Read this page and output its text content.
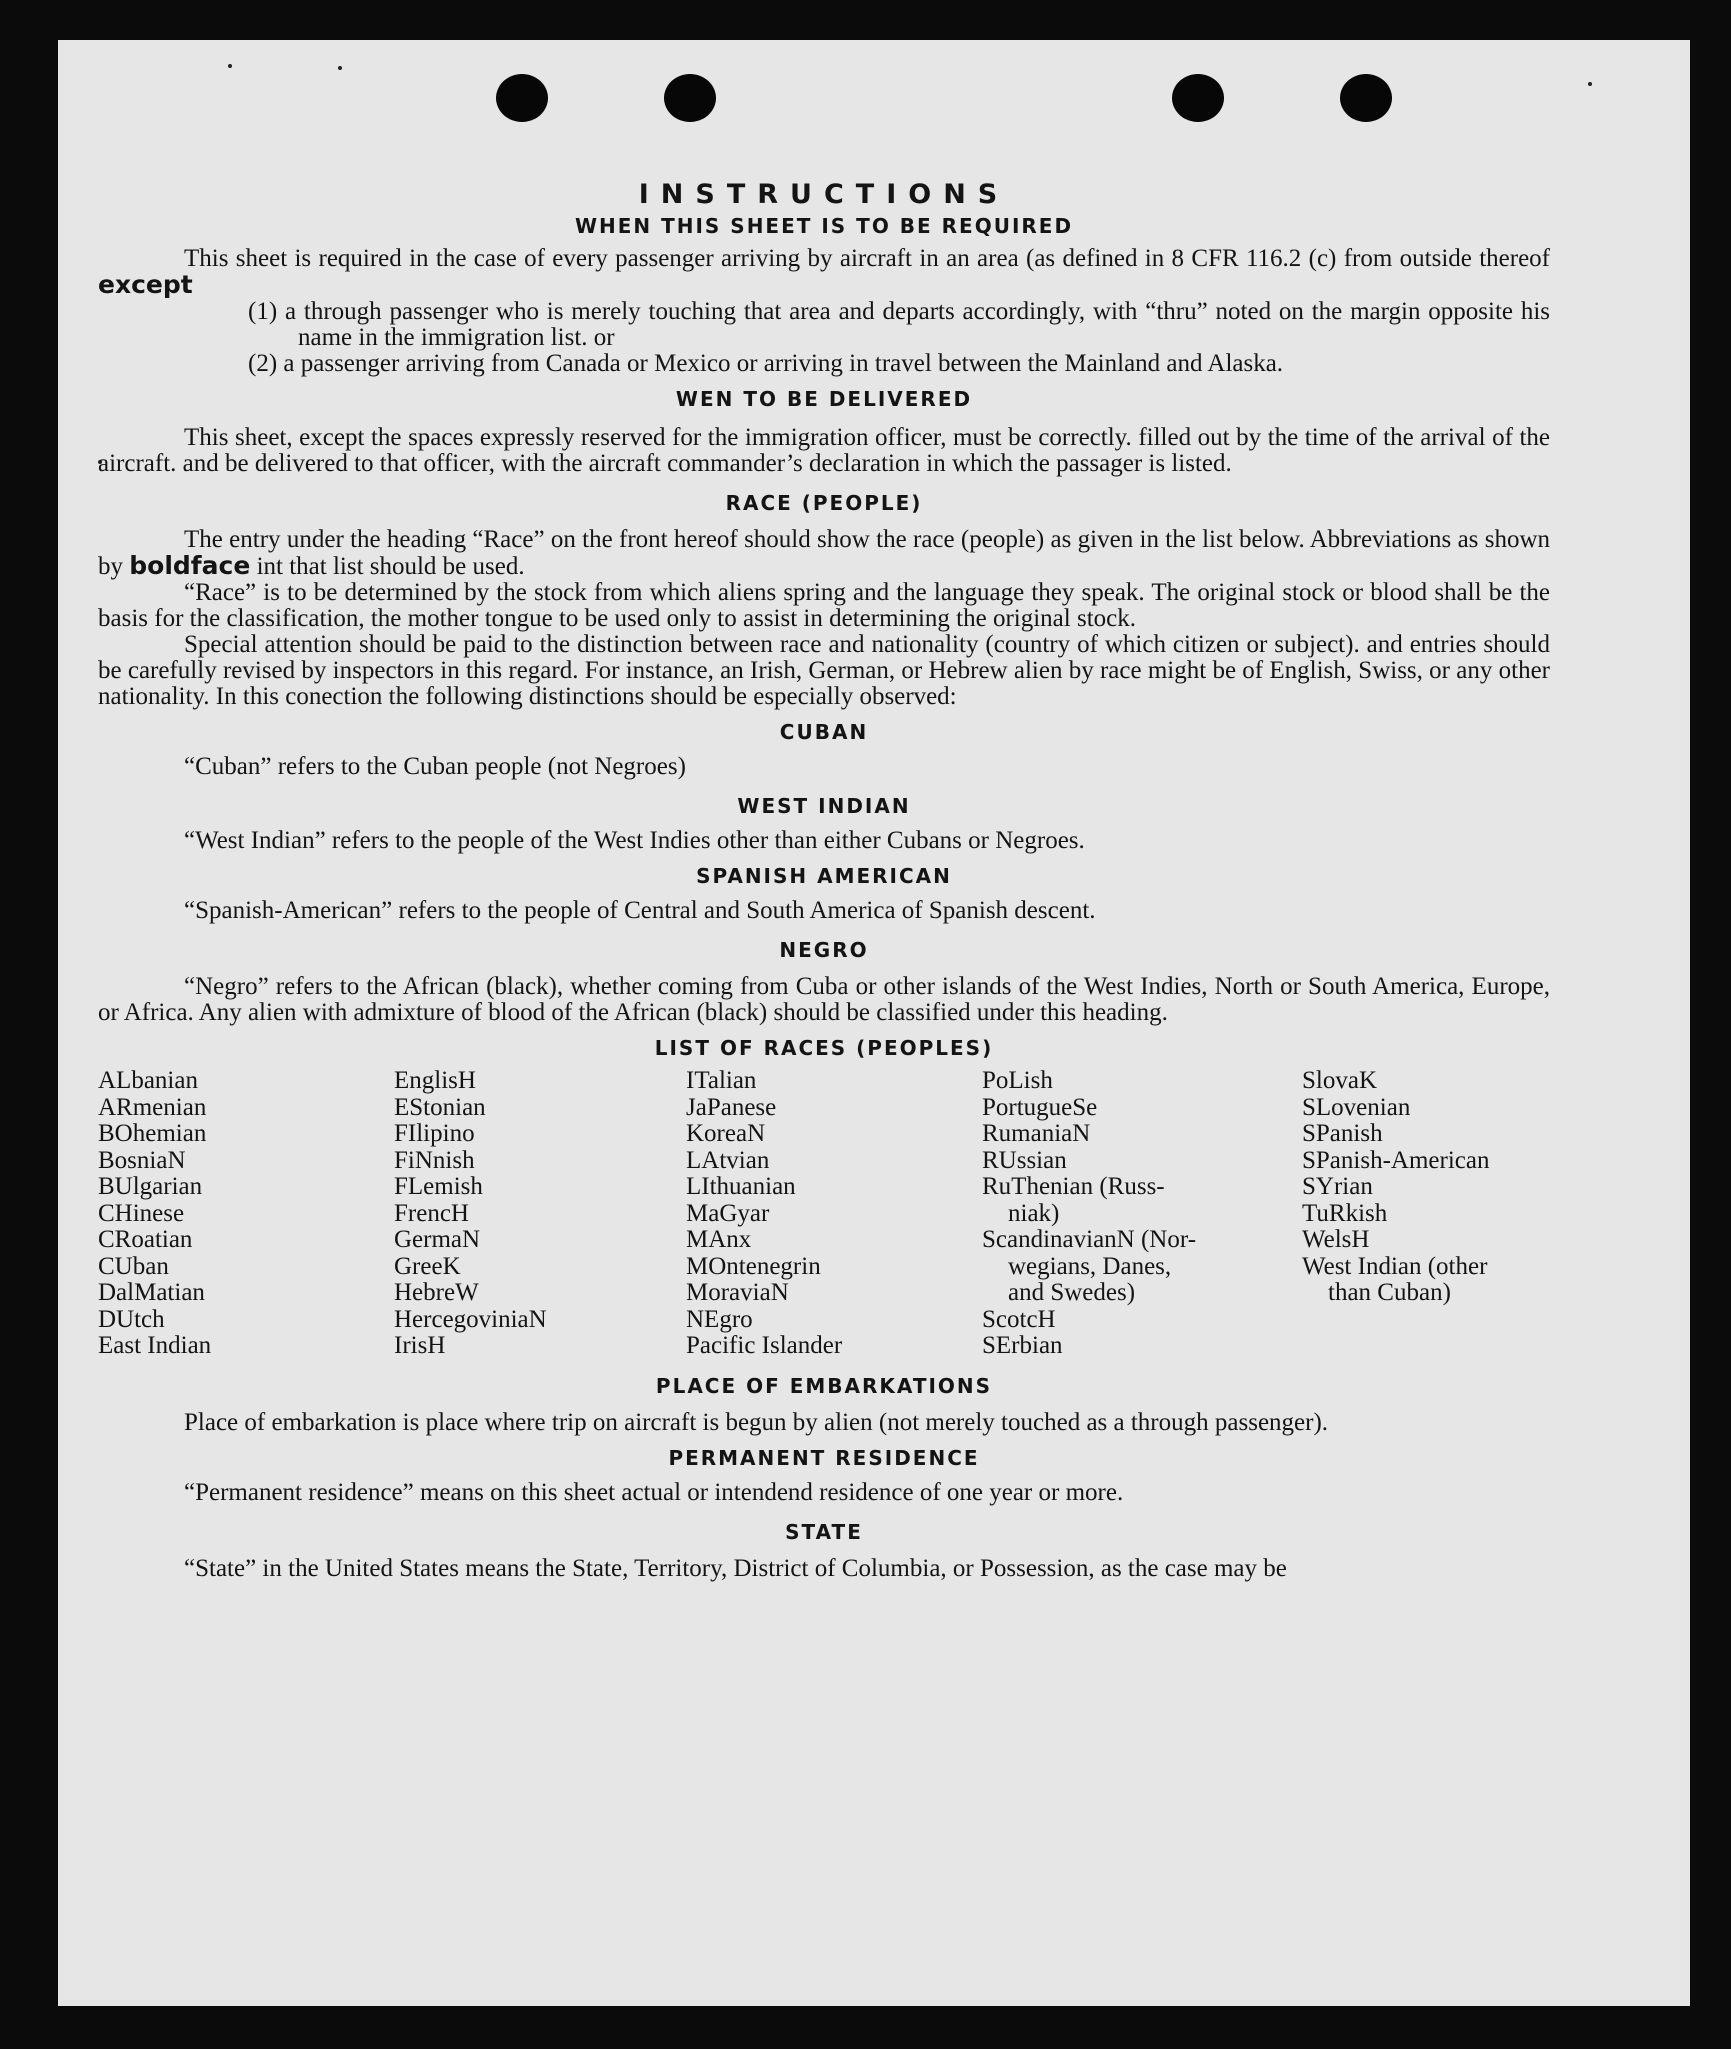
INSTRUCTIONS
WHEN THIS SHEET IS TO BE REQUIRED

This sheet is required in the case of every passenger arriving by aircraft in an area (as defined in 8 CFR 116.2 (c) from outside thereof except

(1) a through passenger who is merely touching that area and departs accordingly, with “thru” noted on the margin opposite his name in the immigration list. or

(2) a passenger arriving from Canada or Mexico or arriving in travel between the Mainland and Alaska.

WEN TO BE DELIVERED

This sheet, except the spaces expressly reserved for the immigration officer, must be correctly. filled out by the time of the arrival of the aircraft. and be delivered to that officer, with the aircraft commander’s declaration in which the passager is listed.

RACE (PEOPLE)

The entry under the heading “Race” on the front hereof should show the race (people) as given in the list below. Abbreviations as shown by boldface int that list should be used.

“Race” is to be determined by the stock from which aliens spring and the language they speak. The original stock or blood shall be the basis for the classification, the mother tongue to be used only to assist in determining the original stock.

Special attention should be paid to the distinction between race and nationality (country of which citizen or subject). and entries should be carefully revised by inspectors in this regard. For instance, an Irish, German, or Hebrew alien by race might be of English, Swiss, or any other nationality. In this conection the following distinctions should be especially observed:

CUBAN

“Cuban” refers to the Cuban people (not Negroes)

WEST INDIAN

“West Indian” refers to the people of the West Indies other than either Cubans or Negroes.

SPANISH AMERICAN

“Spanish-American” refers to the people of Central and South America of Spanish descent.

NEGRO

“Negro” refers to the African (black), whether coming from Cuba or other islands of the West Indies, North or South America, Europe, or Africa. Any alien with admixture of blood of the African (black) should be classified under this heading.

LIST OF RACES (PEOPLES)
ALbanian
ARmenian
BOhemian
BosniaN
BUlgarian
CHinese
CRoatian
CUban
DalMatian
DUtch
East Indian
EnglisH
EStonian
FIlipino
FiNnish
FLemish
FrencH
GermaN
GreeK
HebreW
HercegoviniaN
IrisH
ITalian
JaPanese
KoreaN
LAtvian
LIthuanian
MaGyar
MAnx
MOntenegrin
MoraviaN
NEgro
Pacific Islander
PoLish
PortugueSe
RumaniaN
RUssian
RuThenian (Russ-
niak)
ScandinavianN (Nor-
wegians, Danes,
and Swedes)
ScotcH
SErbian
SlovaK
SLovenian
SPanish
SPanish-American
SYrian
TuRkish
WelsH
West Indian (other
than Cuban)
PLACE OF EMBARKATIONS

Place of embarkation is place where trip on aircraft is begun by alien (not merely touched as a through passenger).

PERMANENT RESIDENCE

“Permanent residence” means on this sheet actual or intendend residence of one year or more.

STATE

“State” in the United States means the State, Territory, District of Columbia, or Possession, as the case may be
